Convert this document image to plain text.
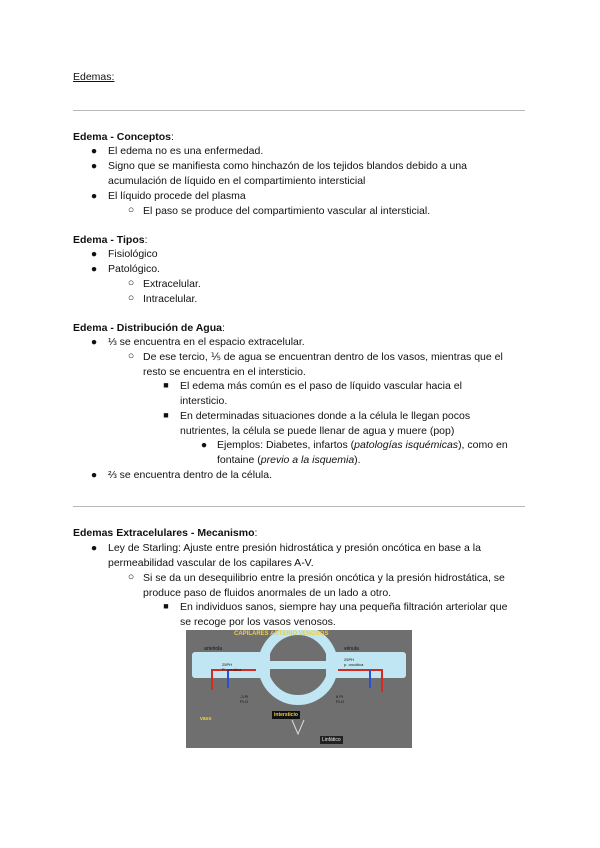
Edemas:
Edema - Conceptos:
● El edema no es una enfermedad.
● Signo que se manifiesta como hinchazón de los tejidos blandos debido a una
acumulación de líquido en el compartimiento intersticial
● El líquido procede del plasma
○ El paso se produce del compartimiento vascular al intersticial.
Edema - Tipos:
● Fisiológico
● Patológico.
○ Extracelular.
○ Intracelular.
Edema - Distribución de Agua:
● ⅓ se encuentra en el espacio extracelular.
○ De ese tercio, ⅕ de agua se encuentran dentro de los vasos, mientras que el
resto se encuentra en el intersticio.
■	El edema más común es el paso de líquido vascular hacia el
intersticio.
■	En determinadas situaciones donde a la célula le llegan pocos
nutrientes, la célula se puede llenar de agua y muere (pop)
● Ejemplos: Diabetes, infartos (patologías isquémicas), como en
fontaine (previo a la isquemia).
● ⅔ se encuentra dentro de la célula.
Edemas Extracelulares - Mecanismo:
● Ley de Starling: Ajuste entre presión hidrostática y presión oncótica en base a la
permeabilidad vascular de los capilares A-V.
○ Si se da un desequilibrio entre la presión oncótica y la presión hidrostática, se
produce paso de fluidos anormales de un lado a otro.
■	En individuos sanos, siempre hay una pequeña filtración arteriolar que
se recoge por los vasos venosos.
CAPILARES ARTERIO VENOSOS
arteriola	vénula
25PH
P. oncótica
25PH
p. oncótica
-3 Pi
Pi-O
8 Pi
Pi-O
vaso
intersticio
Linfático
